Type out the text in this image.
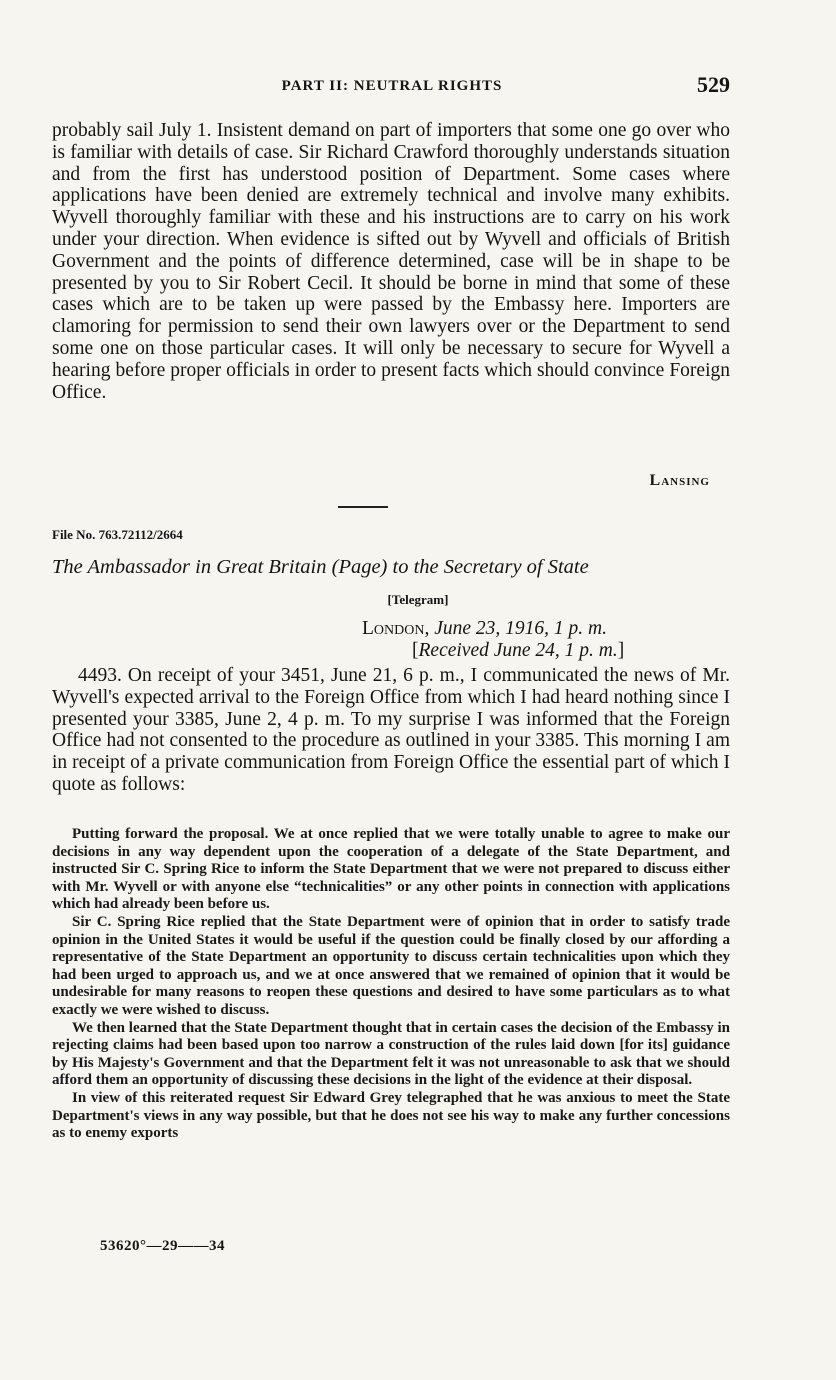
PART II: NEUTRAL RIGHTS	529
probably sail July 1. Insistent demand on part of importers that some one go over who is familiar with details of case. Sir Richard Crawford thoroughly understands situation and from the first has understood position of Department. Some cases where applications have been denied are extremely technical and involve many exhibits. Wyvell thoroughly familiar with these and his instructions are to carry on his work under your direction. When evidence is sifted out by Wyvell and officials of British Government and the points of difference determined, case will be in shape to be presented by you to Sir Robert Cecil. It should be borne in mind that some of these cases which are to be taken up were passed by the Embassy here. Importers are clamoring for permission to send their own lawyers over or the Department to send some one on those particular cases. It will only be necessary to secure for Wyvell a hearing before proper officials in order to present facts which should convince Foreign Office.
Lansing
File No. 763.72112/2664
The Ambassador in Great Britain (Page) to the Secretary of State
[Telegram]
London, June 23, 1916, 1 p. m.
[Received June 24, 1 p. m.]
4493. On receipt of your 3451, June 21, 6 p. m., I communicated the news of Mr. Wyvell's expected arrival to the Foreign Office from which I had heard nothing since I presented your 3385, June 2, 4 p. m. To my surprise I was informed that the Foreign Office had not consented to the procedure as outlined in your 3385. This morning I am in receipt of a private communication from Foreign Office the essential part of which I quote as follows:

Putting forward the proposal. We at once replied that we were totally unable to agree to make our decisions in any way dependent upon the cooperation of a delegate of the State Department, and instructed Sir C. Spring Rice to inform the State Department that we were not prepared to discuss either with Mr. Wyvell or with anyone else “technicalities” or any other points in connection with applications which had already been before us.

Sir C. Spring Rice replied that the State Department were of opinion that in order to satisfy trade opinion in the United States it would be useful if the question could be finally closed by our affording a representative of the State Department an opportunity to discuss certain technicalities upon which they had been urged to approach us, and we at once answered that we remained of opinion that it would be undesirable for many reasons to reopen these questions and desired to have some particulars as to what exactly we were wished to discuss.

We then learned that the State Department thought that in certain cases the decision of the Embassy in rejecting claims had been based upon too narrow a construction of the rules laid down [for its] guidance by His Majesty's Government and that the Department felt it was not unreasonable to ask that we should afford them an opportunity of discussing these decisions in the light of the evidence at their disposal.

In view of this reiterated request Sir Edward Grey telegraphed that he was anxious to meet the State Department's views in any way possible, but that he does not see his way to make any further concessions as to enemy exports

53620°—29——34
